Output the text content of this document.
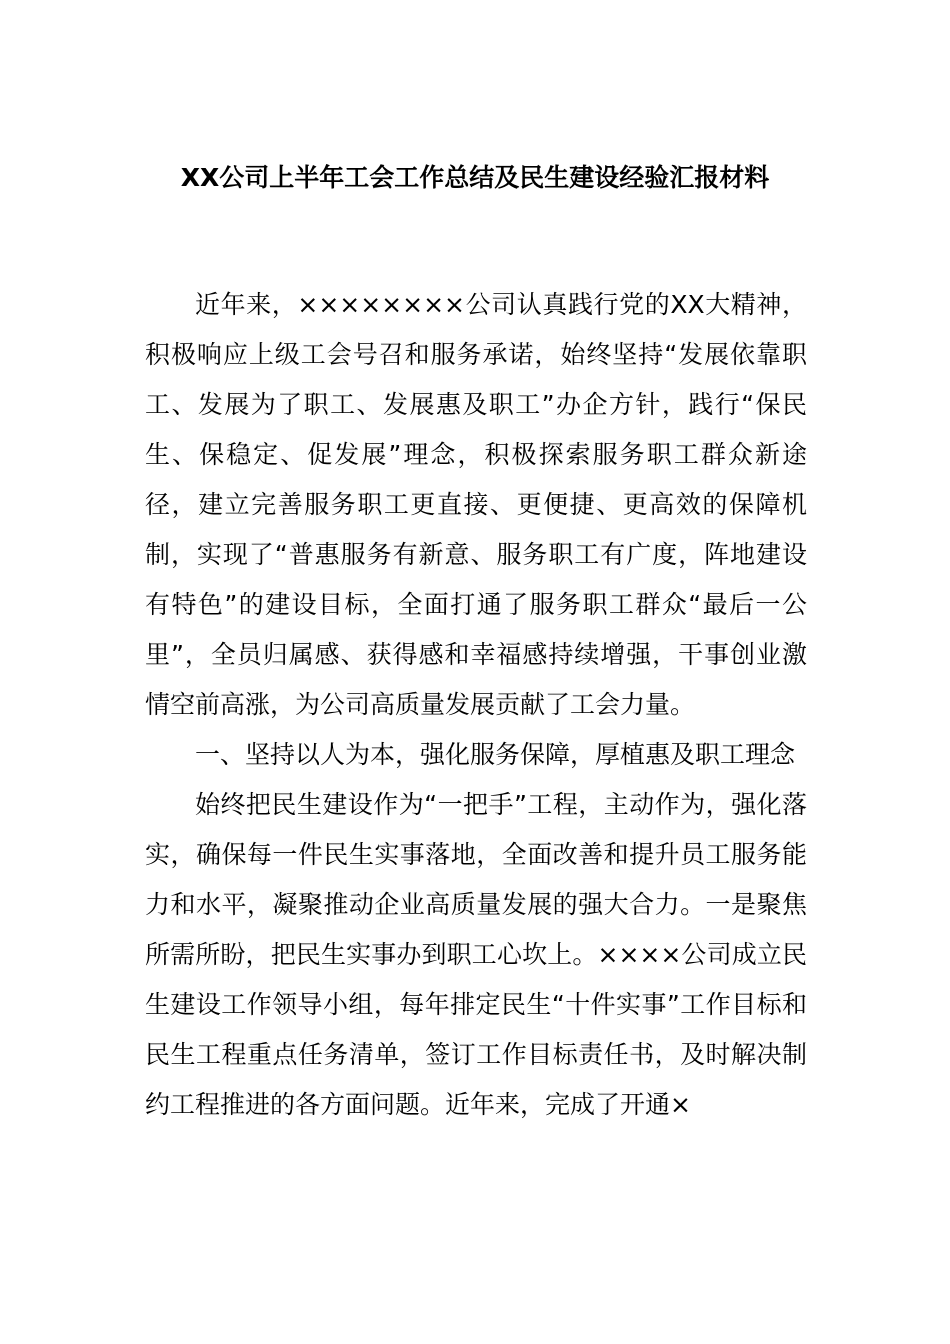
XX公司上半年工会工作总结及民生建设经验汇报材料

近年来，××××××××公司认真践行党的XX大精神，积极响应上级工会号召和服务承诺，始终坚持“发展依靠职工、发展为了职工、发展惠及职工”办企方针，践行“保民生、保稳定、促发展”理念，积极探索服务职工群众新途径，建立完善服务职工更直接、更便捷、更高效的保障机制，实现了“普惠服务有新意、服务职工有广度，阵地建设有特色”的建设目标，全面打通了服务职工群众“最后一公里”，全员归属感、获得感和幸福感持续增强，干事创业激情空前高涨，为公司高质量发展贡献了工会力量。

一、坚持以人为本，强化服务保障，厚植惠及职工理念

始终把民生建设作为“一把手”工程，主动作为，强化落实，确保每一件民生实事落地，全面改善和提升员工服务能力和水平，凝聚推动企业高质量发展的强大合力。一是聚焦所需所盼，把民生实事办到职工心坎上。××××公司成立民生建设工作领导小组，每年排定民生“十件实事”工作目标和民生工程重点任务清单，签订工作目标责任书，及时解决制约工程推进的各方面问题。近年来，完成了开通×
